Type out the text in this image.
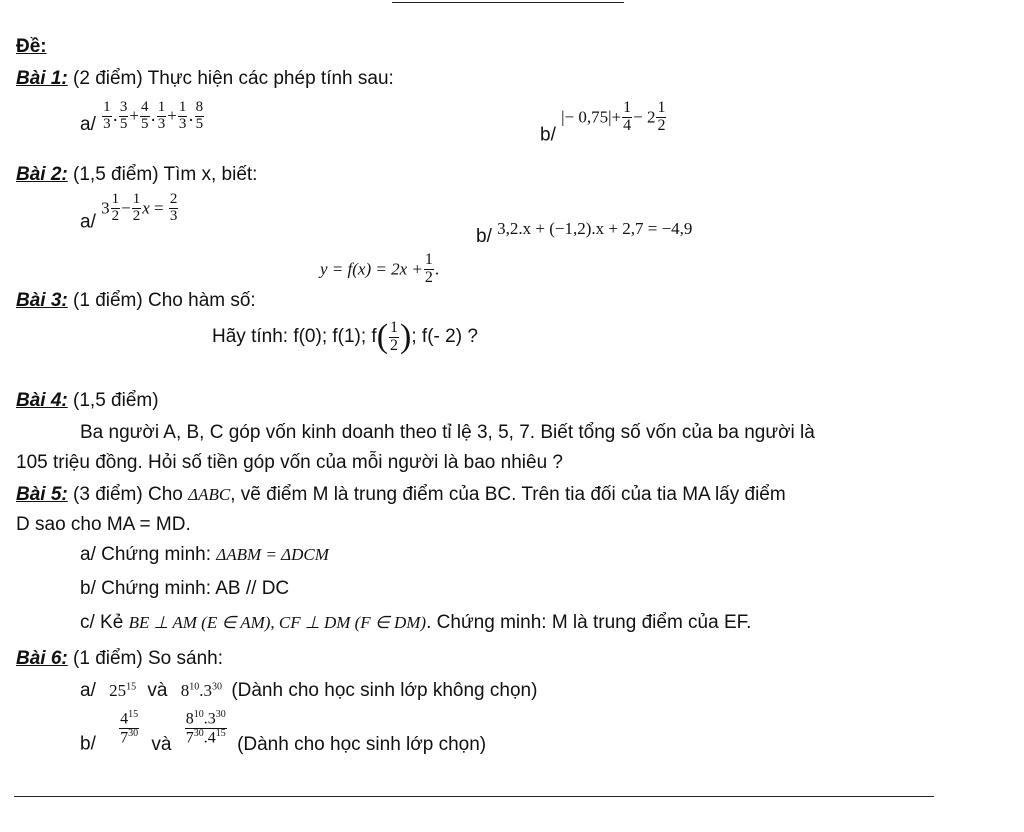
Đề:
Bài 1: (2 điểm) Thực hiện các phép tính sau:
$a/ \frac{1}{3}$ . $\frac{3}{5} + \frac{4}{5}$ . $\frac{1}{3} + \frac{1}{3}$ . $\frac{8}{5}$
b/ |− $0,75|+ \frac{1}{4} - 2 \frac{1}{2}$
Bài 2: (1,5 điểm) Tìm x, biết:
a/ $3 \frac{1}{2} - \frac{1}{2}$ $x = \frac{2}{3}$
b/ 3,2.x + (−1,2).x + 2,7 = −4,9
Bài 3: (1 điểm) Cho hàm số:
$y = f(x) = 2x + \frac{1}{2}$ .
Hãy tính: f(0); f(1); $f( \frac{1}{2}$ ); f(- 2) ?
Bài 4: (1,5 điểm)
Ba người A, B, C góp vốn kinh doanh theo tỉ lệ 3, 5, 7. Biết tổng số vốn của ba người là
105 triệu đồng. Hỏi số tiền góp vốn của mỗi người là bao nhiêu ?
Bài 5: (3 điểm) Cho ΔABC, vẽ điểm M là trung điểm của BC. Trên tia đối của tia MA lấy điểm
D sao cho MA = MD.
a/ Chứng minh: ΔABM = ΔDCM
b/ Chứng minh: AB // DC
c/ Kẻ BE ⊥ AM (E ∈ AM), CF ⊥ DM (F ∈ DM). Chứng minh: M là trung điểm của EF.
Bài 6: (1 điểm) So sánh:
a/ $25^{15}$ và $8^{10}.3^{30}$ (Dành cho học sinh lớp không chọn)
$b/ \frac{4^{15}}{7^{30}}$ và $\frac{8^{10}.3^{30}}{7^{30}.4^{15}}$ (Dành cho học sinh lớp chọn)
